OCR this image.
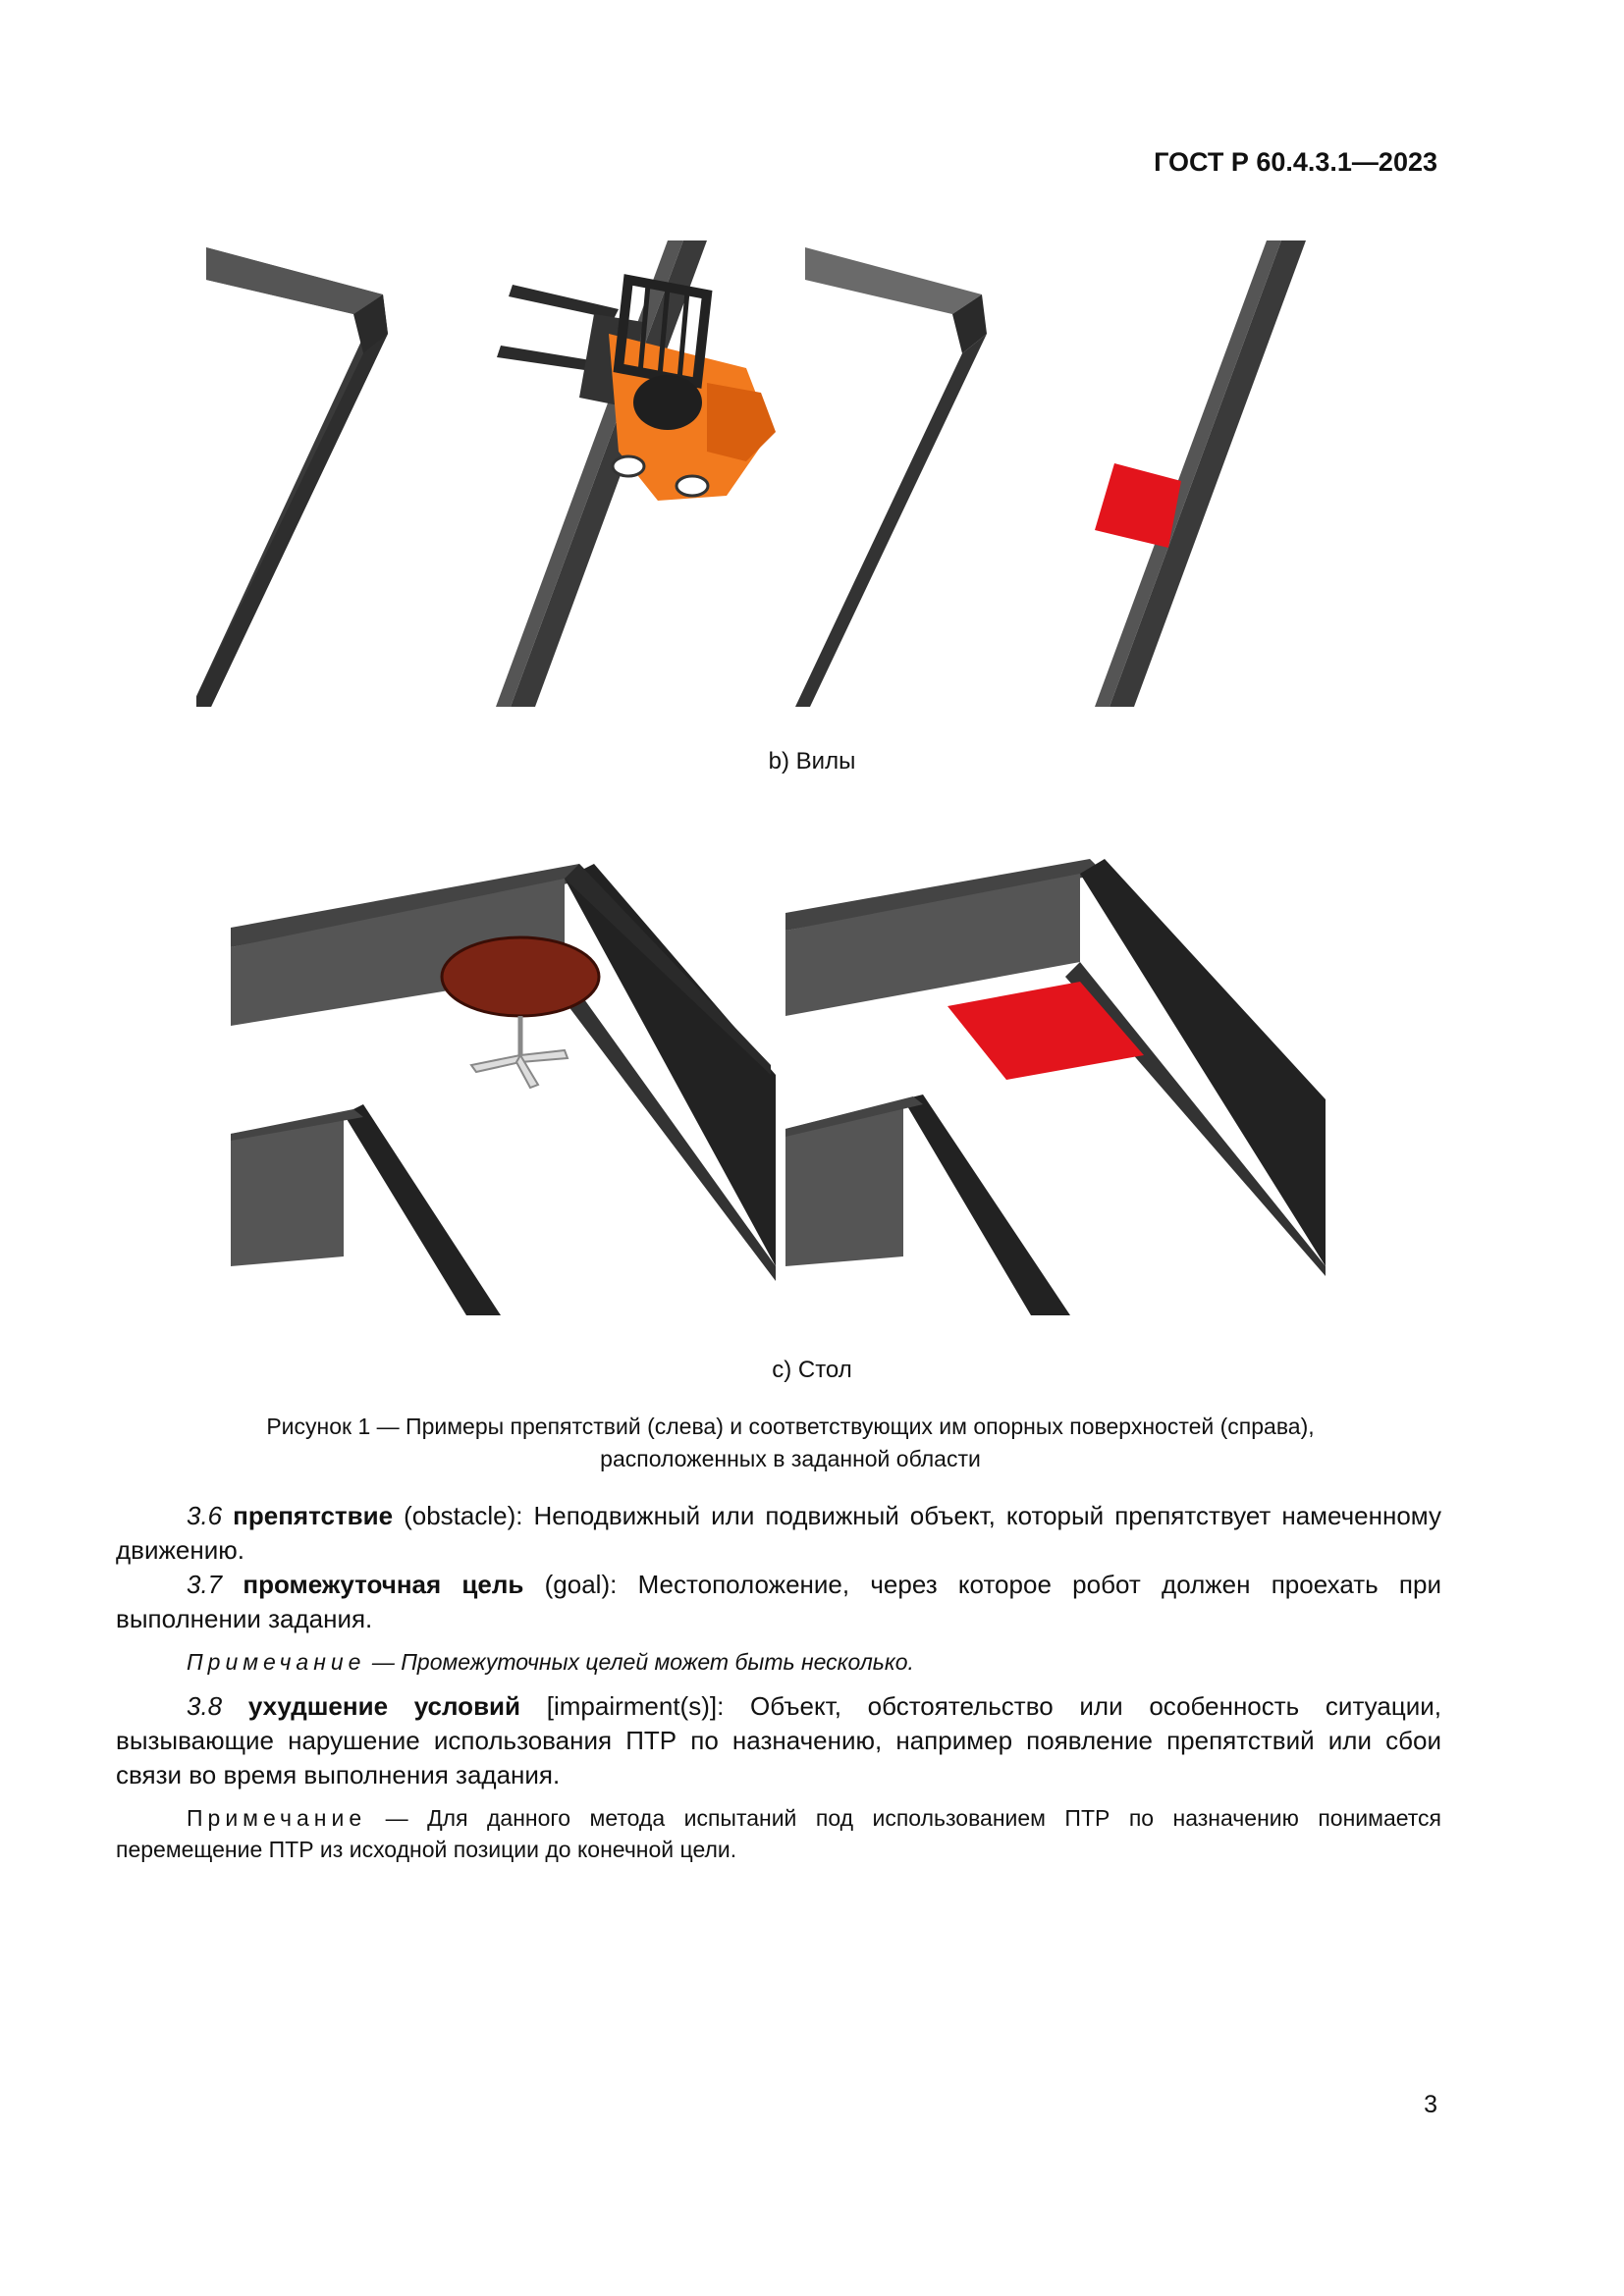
ГОСТ Р 60.4.3.1—2023
b) Вилы
c) Стол
Рисунок 1 — Примеры препятствий (слева) и соответствующих им опорных поверхностей (справа),
расположенных в заданной области

3.6 препятствие (obstacle): Неподвижный или подвижный объект, который препятствует намеченному движению.

3.7 промежуточная цель (goal): Местоположение, через которое робот должен проехать при выполнении задания.

Примечание — Промежуточных целей может быть несколько.

3.8 ухудшение условий [impairment(s)]: Объект, обстоятельство или особенность ситуации, вызывающие нарушение использования ПТР по назначению, например появление препятствий или сбои связи во время выполнения задания.

Примечание — Для данного метода испытаний под использованием ПТР по назначению понимается перемещение ПТР из исходной позиции до конечной цели.

3
